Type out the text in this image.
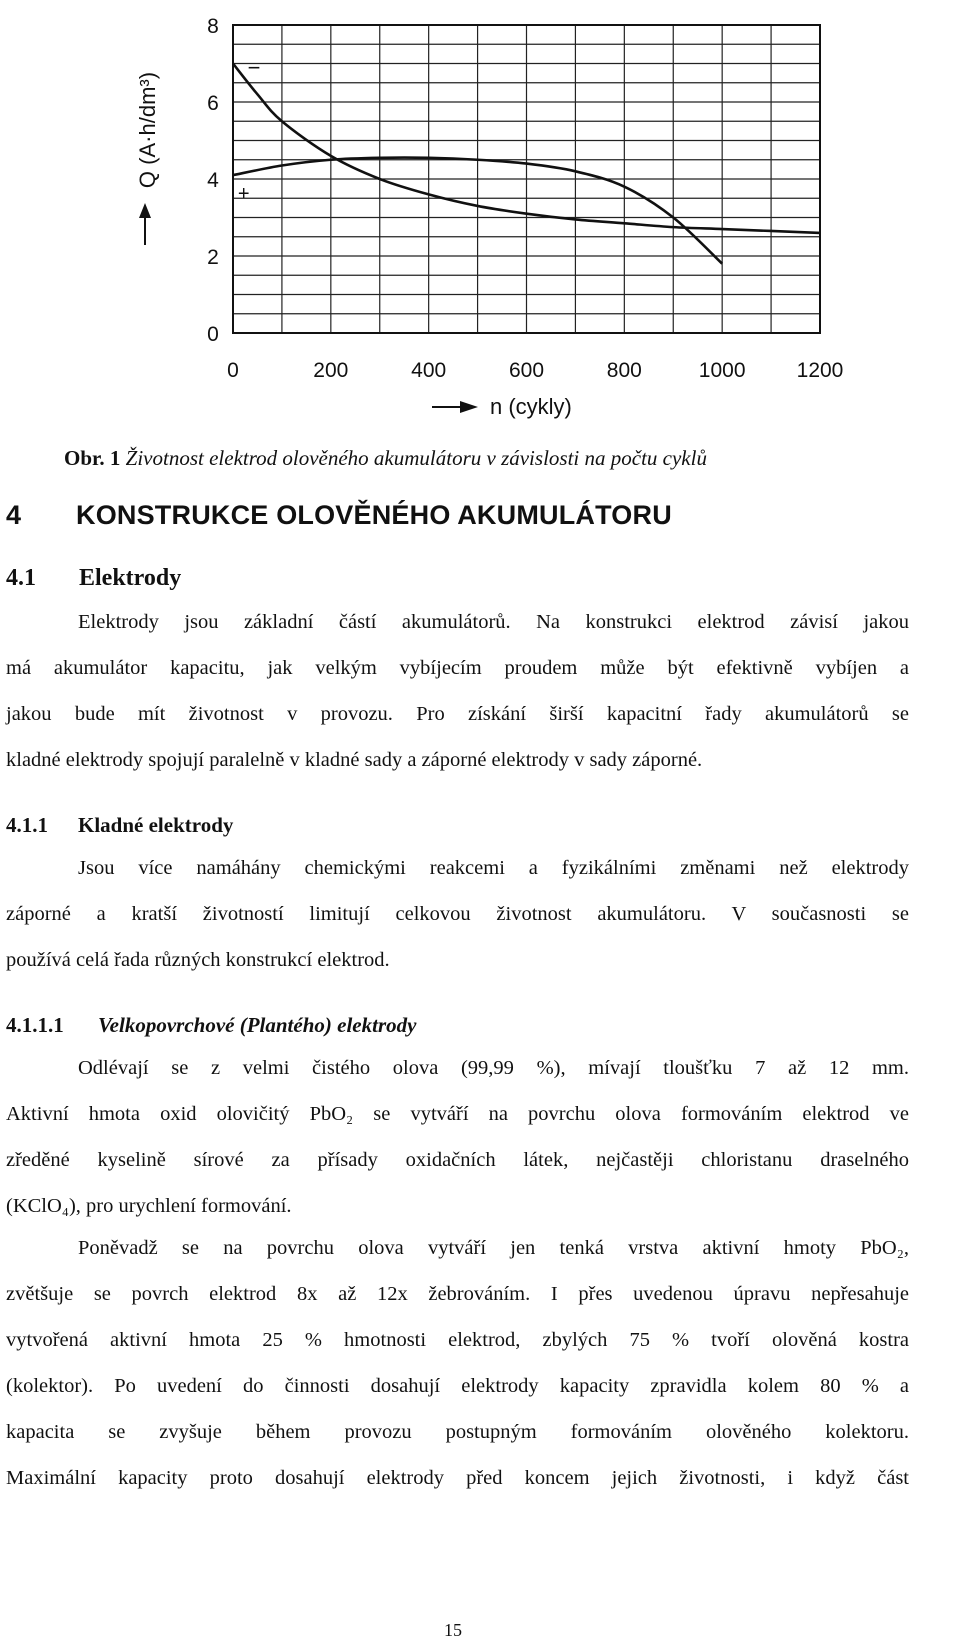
0	200	400	600	800	1000 1200
0
2
4
6
8
−
+
Q (A·h/dm³)
n (cykly)
Obr. 1 Životnost elektrod olověného akumulátoru v závislosti na počtu cyklů
4 KONSTRUKCE OLOVĚNÉHO AKUMULÁTORU
4.1 Elektrody
Elektrody jsou základní částí akumulátorů. Na konstrukci elektrod závisí jakou
má akumulátor kapacitu, jak velkým vybíjecím proudem může být efektivně vybíjen a
jakou bude mít životnost v provozu. Pro získání širší kapacitní řady akumulátorů se
kladné elektrody spojují paralelně v kladné sady a záporné elektrody v sady záporné.
4.1.1 Kladné elektrody
Jsou více namáhány chemickými reakcemi a fyzikálními změnami než elektrody
záporné a kratší životností limitují celkovou životnost akumulátoru. V současnosti se
používá celá řada různých konstrukcí elektrod.
4.1.1.1 Velkopovrchové (Plantého) elektrody
Odlévají se z velmi čistého olova (99,99 %), mívají tloušťku 7 až 12 mm.
Aktivní hmota oxid olovičitý PbO₂ se vytváří na povrchu olova formováním elektrod ve
zředěné kyselině sírové za přísady oxidačních látek, nejčastěji chloristanu draselného
(KClO₄), pro urychlení formování.
Poněvadž se na povrchu olova vytváří jen tenká vrstva aktivní hmoty PbO₂,
zvětšuje se povrch elektrod 8x až 12x žebrováním. I přes uvedenou úpravu nepřesahuje
vytvořená aktivní hmota 25 % hmotnosti elektrod, zbylých 75 % tvoří olověná kostra
(kolektor). Po uvedení do činnosti dosahují elektrody kapacity zpravidla kolem 80 % a
kapacita se zvyšuje během provozu postupným formováním olověného kolektoru.
Maximální kapacity proto dosahují elektrody před koncem jejich životnosti, i když část
15
